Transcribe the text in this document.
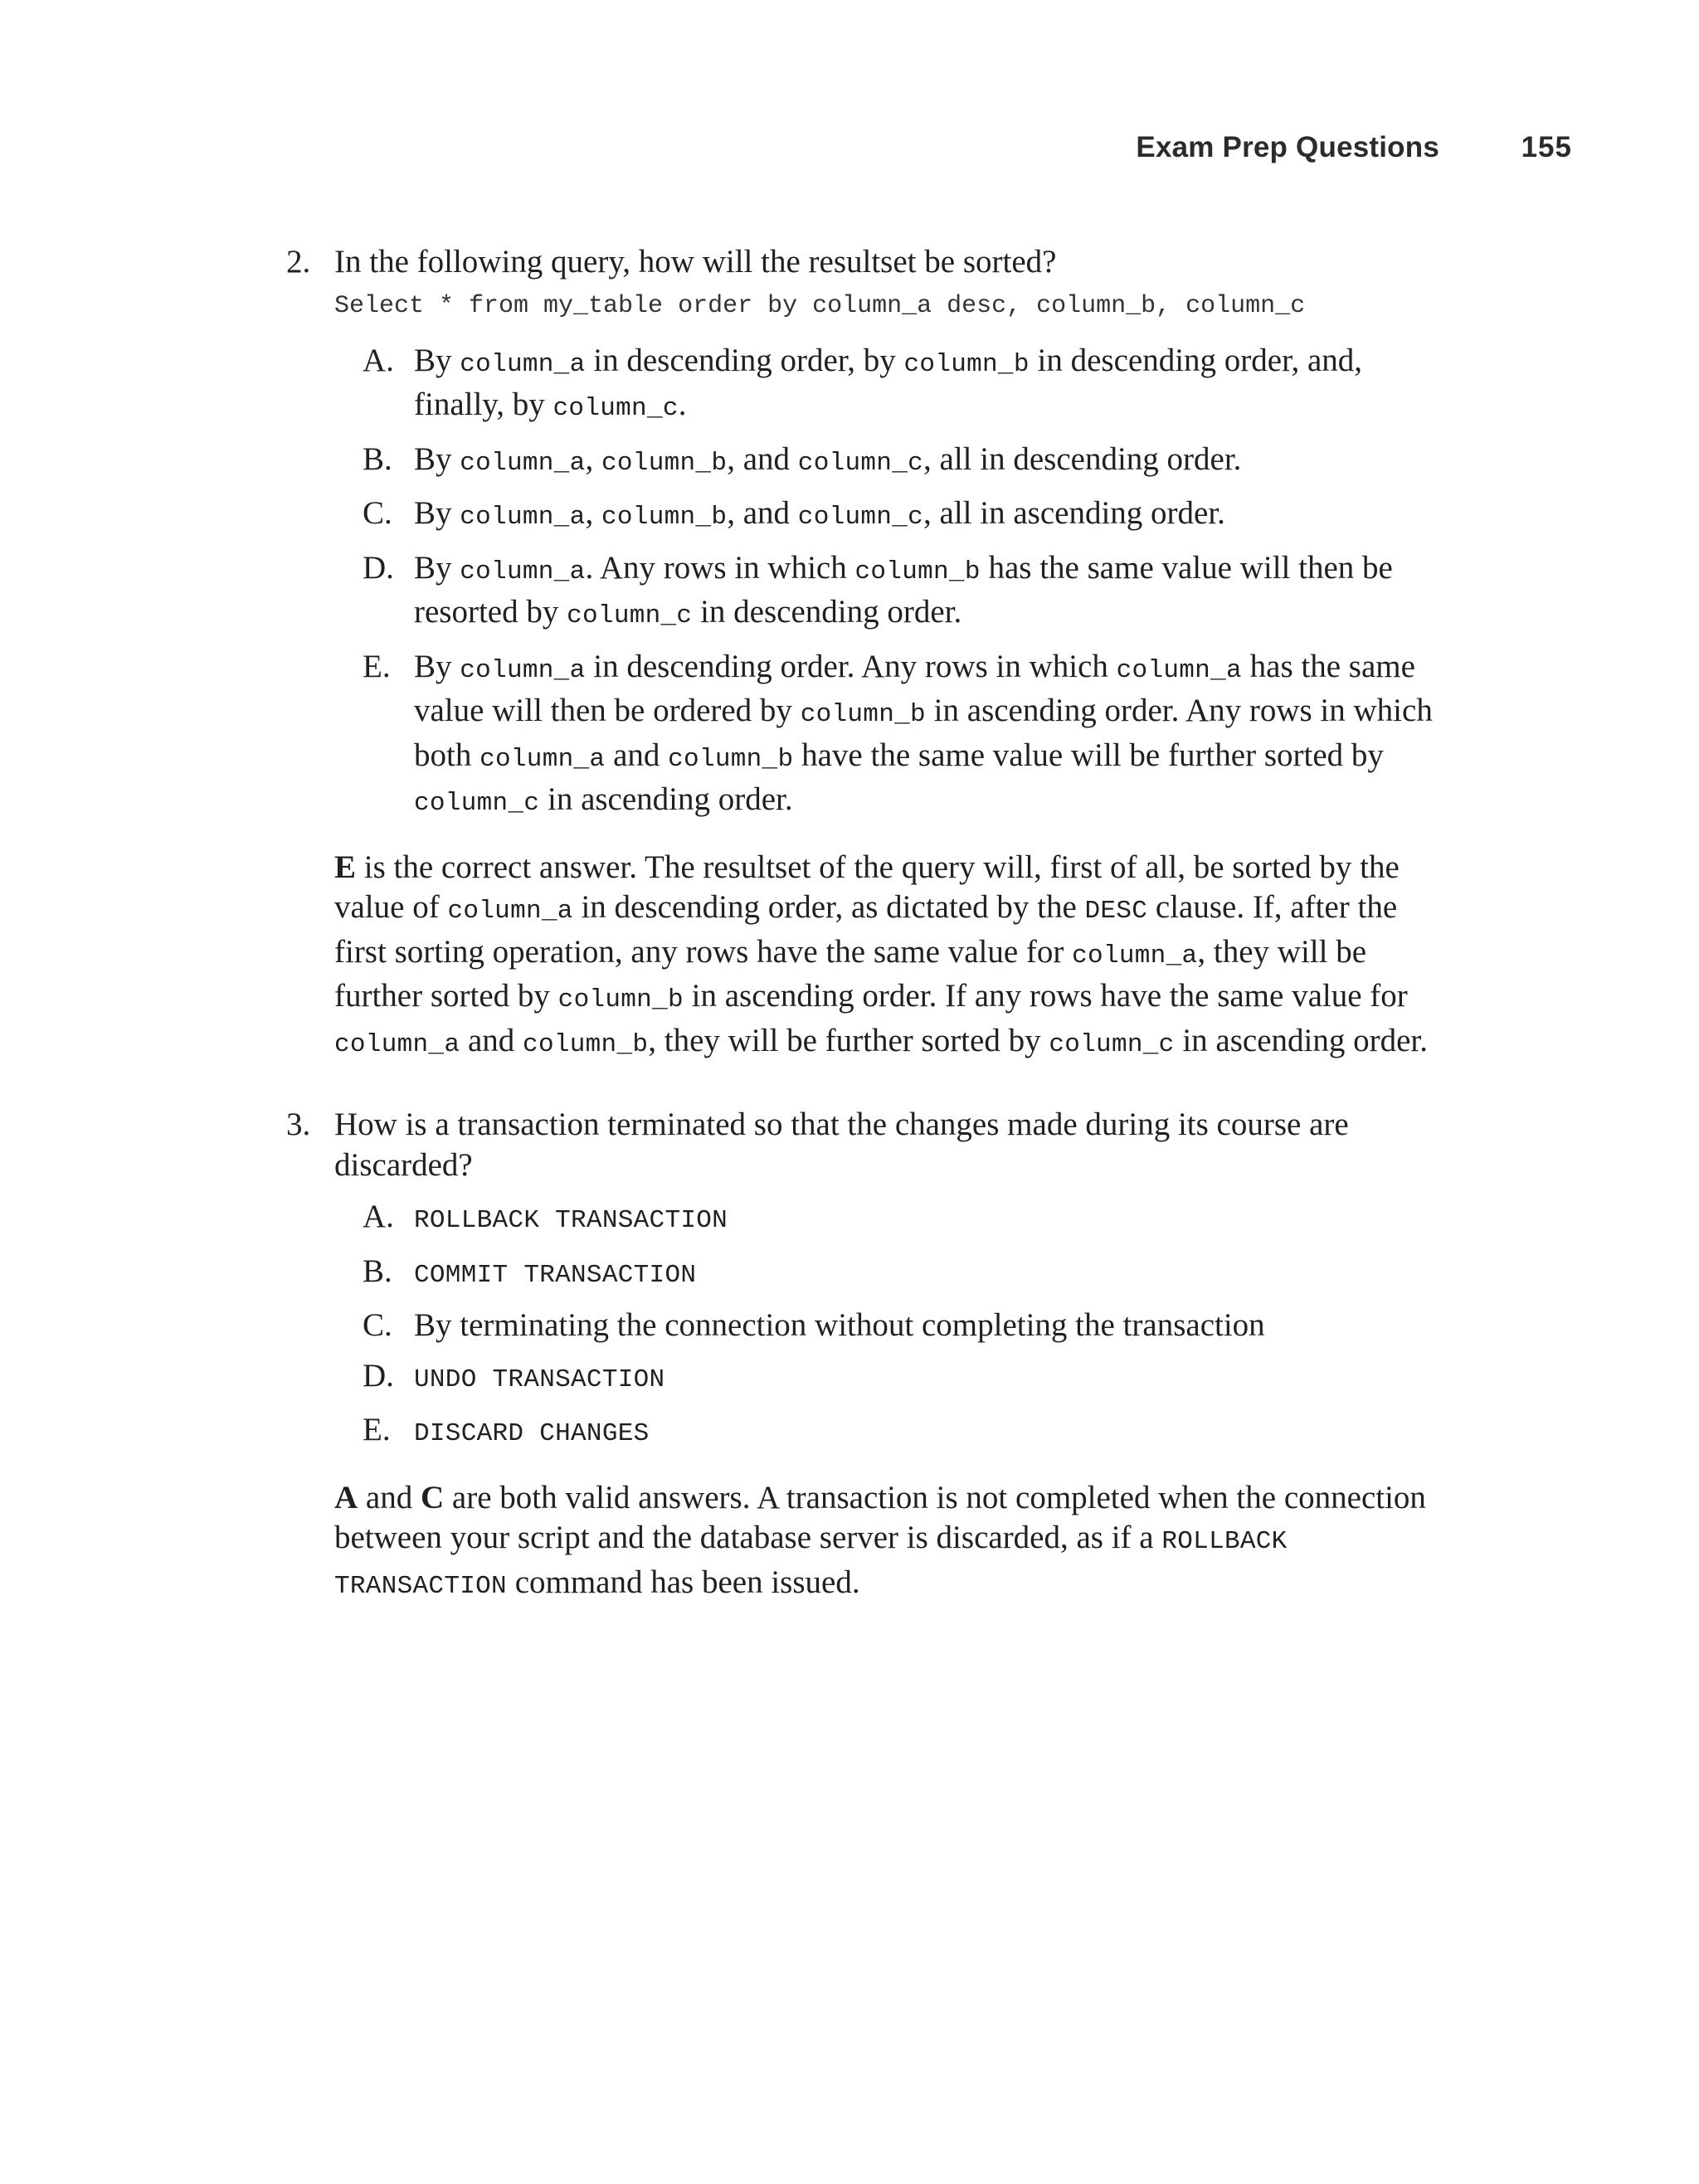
Exam Prep Questions	155
2. In the following query, how will the resultset be sorted?
Select * from my_table order by column_a desc, column_b, column_c
A. By column_a in descending order, by column_b in descending order, and, finally, by column_c.
B. By column_a, column_b, and column_c, all in descending order.
C. By column_a, column_b, and column_c, all in ascending order.
D. By column_a. Any rows in which column_b has the same value will then be resorted by column_c in descending order.
E. By column_a in descending order. Any rows in which column_a has the same value will then be ordered by column_b in ascending order. Any rows in which both column_a and column_b have the same value will be further sorted by column_c in ascending order.
E is the correct answer. The resultset of the query will, first of all, be sorted by the value of column_a in descending order, as dictated by the DESC clause. If, after the first sorting operation, any rows have the same value for column_a, they will be further sorted by column_b in ascending order. If any rows have the same value for column_a and column_b, they will be further sorted by column_c in ascending order.
3. How is a transaction terminated so that the changes made during its course are discarded?
A. ROLLBACK TRANSACTION
B. COMMIT TRANSACTION
C. By terminating the connection without completing the transaction
D. UNDO TRANSACTION
E. DISCARD CHANGES
A and C are both valid answers. A transaction is not completed when the connection between your script and the database server is discarded, as if a ROLLBACK TRANSACTION command has been issued.
